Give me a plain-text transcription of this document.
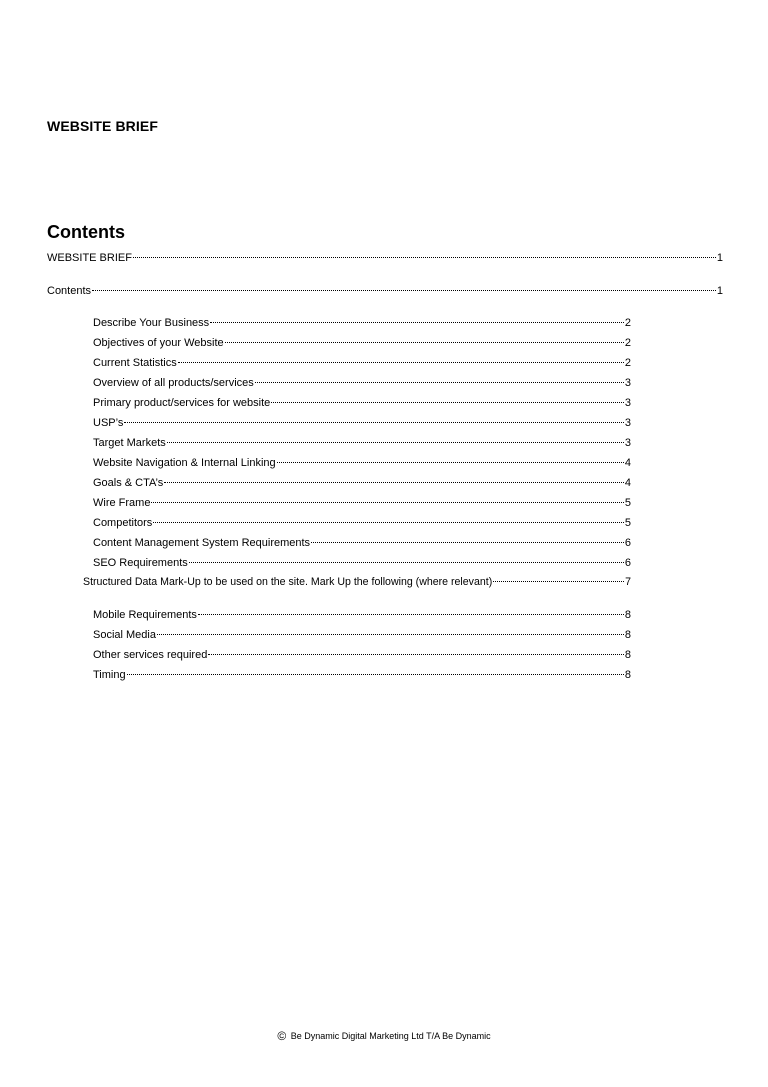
WEBSITE BRIEF
Contents
WEBSITE BRIEF	1
Contents	1
Describe Your Business	2
Objectives of your Website	2
Current Statistics	2
Overview of all products/services	3
Primary product/services for website	3
USP’s	3
Target Markets	3
Website Navigation & Internal Linking	4
Goals & CTA’s	4
Wire Frame	5
Competitors	5
Content Management System Requirements	6
SEO Requirements	6
Structured Data Mark-Up to be used on the site. Mark Up the following (where relevant)	7
Mobile Requirements	8
Social Media	8
Other services required	8
Timing	8
© Be Dynamic Digital Marketing Ltd T/A Be Dynamic
